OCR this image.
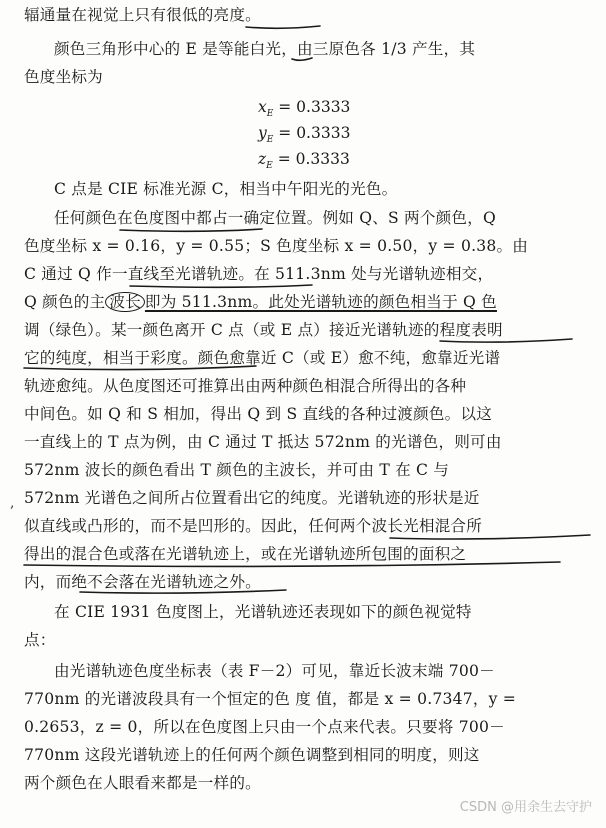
辐通量在视觉上只有很低的亮度。
颜色三角形中心的 E 是等能白光，由三原色各 1/3 产生，其
色度坐标为
$x_E = 0.3333$
$y_E = 0.3333$
$z_E = 0.3333$
C 点是 CIE 标准光源 C，相当中午阳光的光色。
任何颜色在色度图中都占一确定位置。例如 Q、S 两个颜色，Q
色度坐标 x = 0.16，y = 0.55；S 色度坐标 x = 0.50，y = 0.38。由
C 通过 Q 作一直线至光谱轨迹。在 511.3nm 处与光谱轨迹相交，
Q 颜色的主 波长 即为 511.3nm。此处光谱轨迹的颜色相当于 Q 色
调（绿色）。某一颜色离开 C 点（或 E 点）接近光谱轨迹的程度表明
它的纯度，相当于彩度。颜色愈靠近 C（或 E）愈不纯，愈靠近光谱
轨迹愈纯。从色度图还可推算出由两种颜色相混合所得出的各种
中间色。如 Q 和 S 相加，得出 Q 到 S 直线的各种过渡颜色。以这
一直线上的 T 点为例，由 C 通过 T 抵达 572nm 的光谱色，则可由
572nm 波长的颜色看出 T 颜色的主波长，并可由 T 在 C 与
572nm 光谱色之间所占位置看出它的纯度。光谱轨迹的形状是近
似直线或凸形的，而不是凹形的。因此，任何两个波长光相混合所
得出的混合色或落在光谱轨迹上，或在光谱轨迹所包围的面积之
内，而绝不会落在光谱轨迹之外。
在 CIE 1931 色度图上，光谱轨迹还表现如下的颜色视觉特
点：
由光谱轨迹色度坐标表（表 F－2）可见，靠近长波末端 700－
770nm 的光谱波段具有一个恒定的色 度 值，都是 x = 0.7347，y =
0.2653，z = 0，所以在色度图上只由一个点来代表。只要将 700－
770nm 这段光谱轨迹上的任何两个颜色调整到相同的明度，则这
两个颜色在人眼看来都是一样的。
,
CSDN @用余生去守护
